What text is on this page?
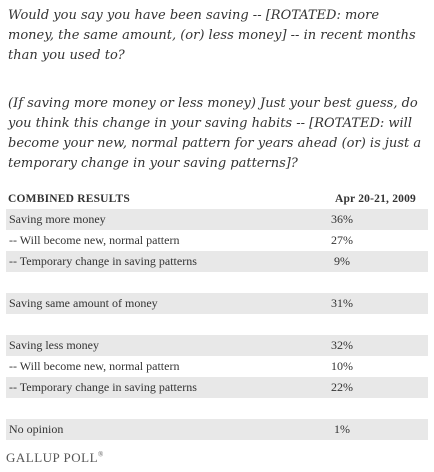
Would you say you have been saving -- [ROTATED: more money, the same amount, (or) less money] -- in recent months than you used to?

(If saving more money or less money) Just your best guess, do you think this change in your saving habits -- [ROTATED: will become your new, normal pattern for years ahead (or) is just a temporary change in your saving patterns]?

COMBINED RESULTS	Apr 20-21, 2009
Saving more money	36%
-- Will become new, normal pattern	27%
-- Temporary change in saving patterns	9%
Saving same amount of money	31%
Saving less money	32%
-- Will become new, normal pattern	10%
-- Temporary change in saving patterns	22%
No opinion	1%
GALLUP POLL®
